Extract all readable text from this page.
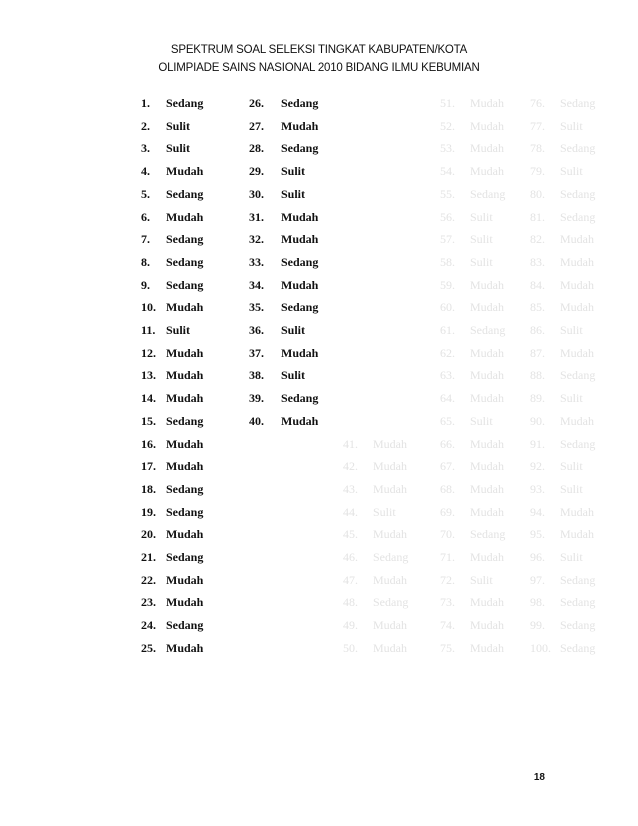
SPEKTRUM SOAL SELEKSI TINGKAT KABUPATEN/KOTA
OLIMPIADE SAINS NASIONAL 2010 BIDANG ILMU KEBUMIAN
1. Sedang
2. Sulit
3. Sulit
4. Mudah
5. Sedang
6. Mudah
7. Sedang
8. Sedang
9. Sedang
10. Mudah
11. Sulit
12. Mudah
13. Mudah
14. Mudah
15. Sedang
16. Mudah
17. Mudah
18. Sedang
19. Sedang
20. Mudah
21. Sedang
22. Mudah
23. Mudah
24. Sedang
25. Mudah
26. Sedang
27. Mudah
28. Sedang
29. Sulit
30. Sulit
31. Mudah
32. Mudah
33. Sedang
34. Mudah
35. Sedang
36. Sulit
37. Mudah
38. Sulit
39. Sedang
40. Mudah
41. Mudah
42. Mudah
43. Mudah
44. Sulit
45. Mudah
46. Sedang
47. Mudah
48. Sedang
49. Mudah
50. Mudah
51. Mudah
52. Mudah
53. Mudah
54. Mudah
55. Sedang
56. Sulit
57. Sulit
58. Sulit
59. Mudah
60. Mudah
61. Sedang
62. Mudah
63. Mudah
64. Mudah
65. Sulit
66. Mudah
67. Mudah
68. Mudah
69. Mudah
70. Sedang
71. Mudah
72. Sulit
73. Mudah
74. Mudah
75. Mudah
76. Sedang
77. Sulit
78. Sedang
79. Sulit
80. Sedang
81. Sedang
82. Mudah
83. Mudah
84. Mudah
85. Mudah
86. Sulit
87. Mudah
88. Sedang
89. Sulit
90. Mudah
91. Sedang
92. Sulit
93. Sulit
94. Mudah
95. Mudah
96. Sulit
97. Sedang
98. Sedang
99. Sedang
100. Sedang
18
